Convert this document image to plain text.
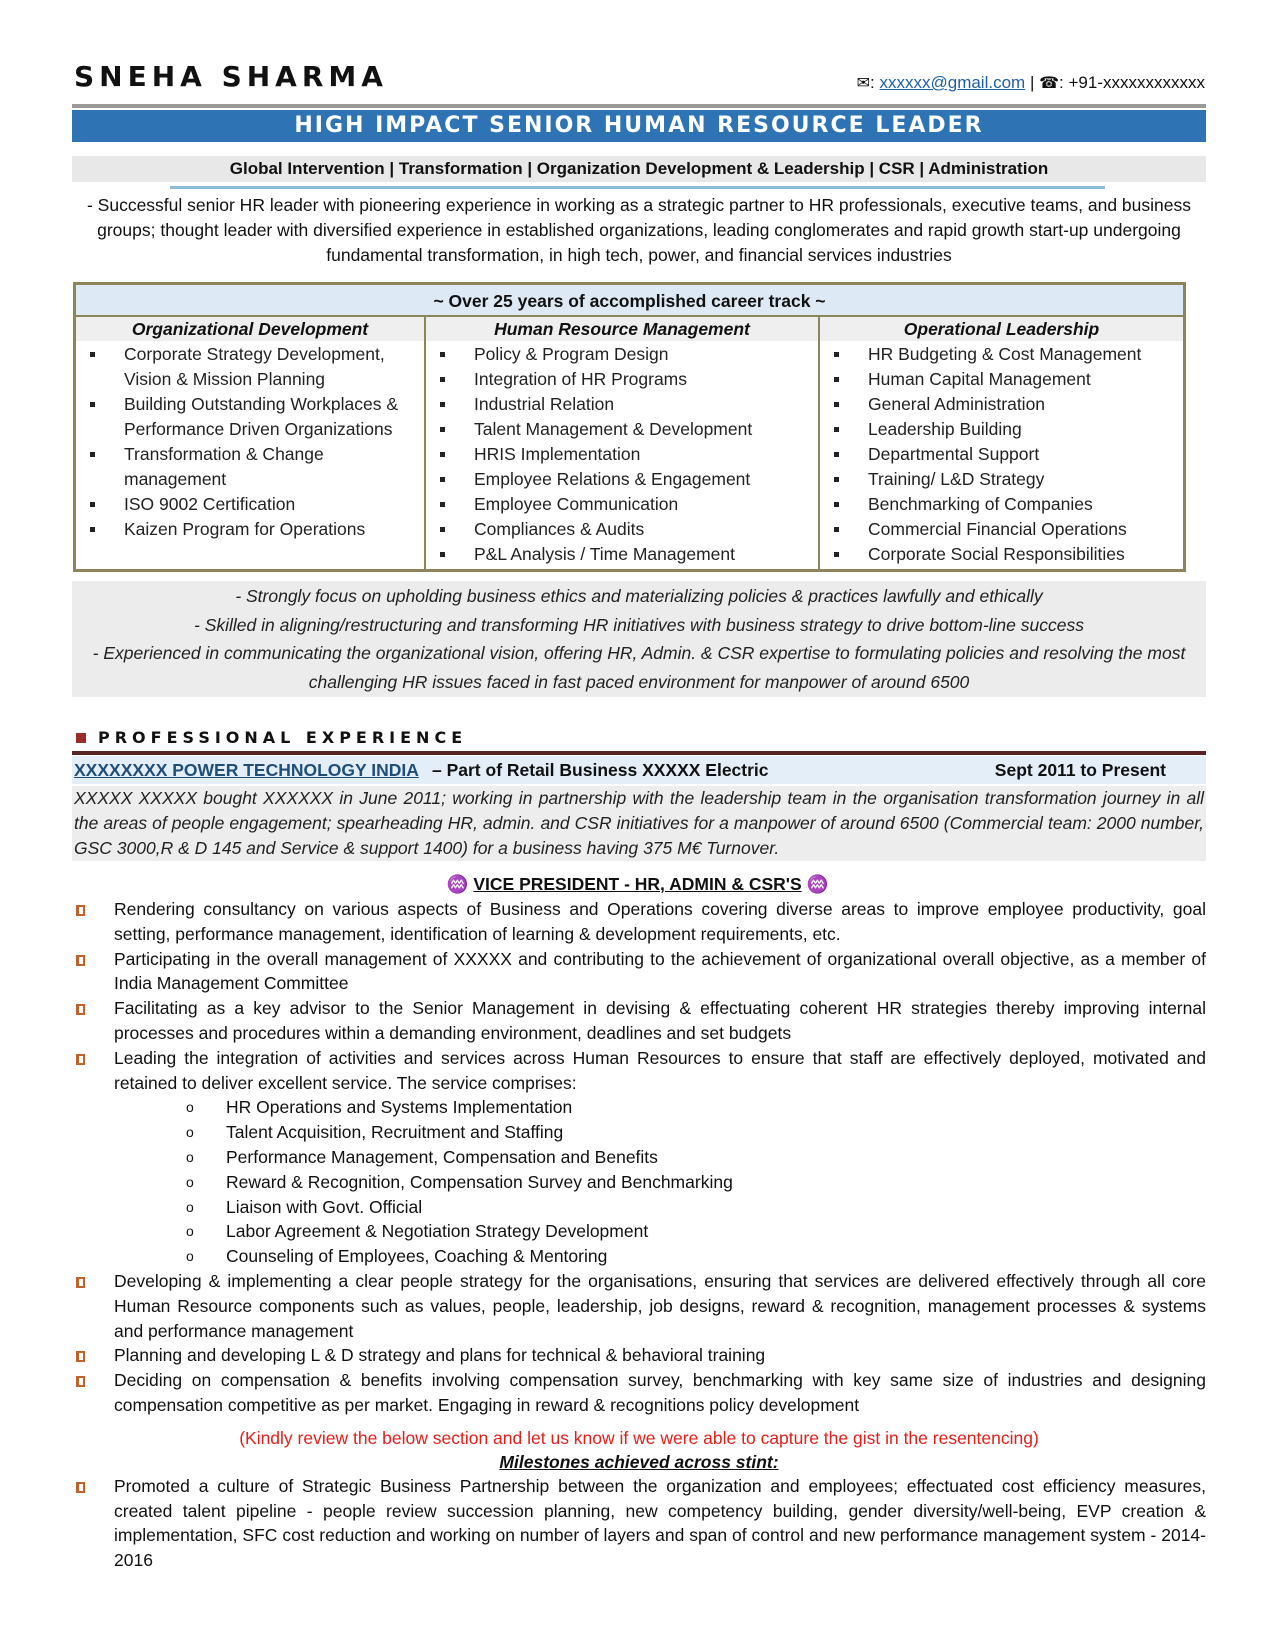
SNEHA SHARMA	✉: xxxxxx@gmail.com | ☎: +91-xxxxxxxxxxxx
HIGH IMPACT SENIOR HUMAN RESOURCE LEADER
Global Intervention | Transformation | Organization Development & Leadership | CSR | Administration

- Successful senior HR leader with pioneering experience in working as a strategic partner to HR professionals, executive teams, and business groups; thought leader with diversified experience in established organizations, leading conglomerates and rapid growth start-up undergoing fundamental transformation, in high tech, power, and financial services industries

~ Over 25 years of accomplished career track ~
Organizational Development
Corporate Strategy Development, Vision & Mission Planning
Building Outstanding Workplaces & Performance Driven Organizations
Transformation & Change management
ISO 9002 Certification
Kaizen Program for Operations
Human Resource Management
Policy & Program Design
Integration of HR Programs
Industrial Relation
Talent Management & Development
HRIS Implementation
Employee Relations & Engagement
Employee Communication
Compliances & Audits
P&L Analysis / Time Management
Operational Leadership
HR Budgeting & Cost Management
Human Capital Management
General Administration
Leadership Building
Departmental Support
Training/ L&D Strategy
Benchmarking of Companies
Commercial Financial Operations
Corporate Social Responsibilities
- Strongly focus on upholding business ethics and materializing policies & practices lawfully and ethically
- Skilled in aligning/restructuring and transforming HR initiatives with business strategy to drive bottom-line success
- Experienced in communicating the organizational vision, offering HR, Admin. & CSR expertise to formulating policies and resolving the most challenging HR issues faced in fast paced environment for manpower of around 6500
PROFESSIONAL EXPERIENCE
XXXXXXXX POWER TECHNOLOGY INDIA – Part of Retail Business XXXXX Electric	Sept 2011 to Present
XXXXX XXXXX bought XXXXXX in June 2011; working in partnership with the leadership team in the organisation transformation journey in all the areas of people engagement; spearheading HR, admin. and CSR initiatives for a manpower of around 6500 (Commercial team: 2000 number, GSC 3000,R & D 145 and Service & support 1400) for a business having 375 M€ Turnover.
♒ VICE PRESIDENT - HR, ADMIN & CSR'S ♒
Rendering consultancy on various aspects of Business and Operations covering diverse areas to improve employee productivity, goal setting, performance management, identification of learning & development requirements, etc.
Participating in the overall management of XXXXX and contributing to the achievement of organizational overall objective, as a member of India Management Committee
Facilitating as a key advisor to the Senior Management in devising & effectuating coherent HR strategies thereby improving internal processes and procedures within a demanding environment, deadlines and set budgets
Leading the integration of activities and services across Human Resources to ensure that staff are effectively deployed, motivated and retained to deliver excellent service. The service comprises:
o HR Operations and Systems Implementation
o Talent Acquisition, Recruitment and Staffing
o Performance Management, Compensation and Benefits
o Reward & Recognition, Compensation Survey and Benchmarking
o Liaison with Govt. Official
o Labor Agreement & Negotiation Strategy Development
o Counseling of Employees, Coaching & Mentoring
Developing & implementing a clear people strategy for the organisations, ensuring that services are delivered effectively through all core Human Resource components such as values, people, leadership, job designs, reward & recognition, management processes & systems and performance management
Planning and developing L & D strategy and plans for technical & behavioral training
Deciding on compensation & benefits involving compensation survey, benchmarking with key same size of industries and designing compensation competitive as per market. Engaging in reward & recognitions policy development
(Kindly review the below section and let us know if we were able to capture the gist in the resentencing)
Milestones achieved across stint:
Promoted a culture of Strategic Business Partnership between the organization and employees; effectuated cost efficiency measures, created talent pipeline - people review succession planning, new competency building, gender diversity/well-being, EVP creation & implementation, SFC cost reduction and working on number of layers and span of control and new performance management system - 2014-2016
